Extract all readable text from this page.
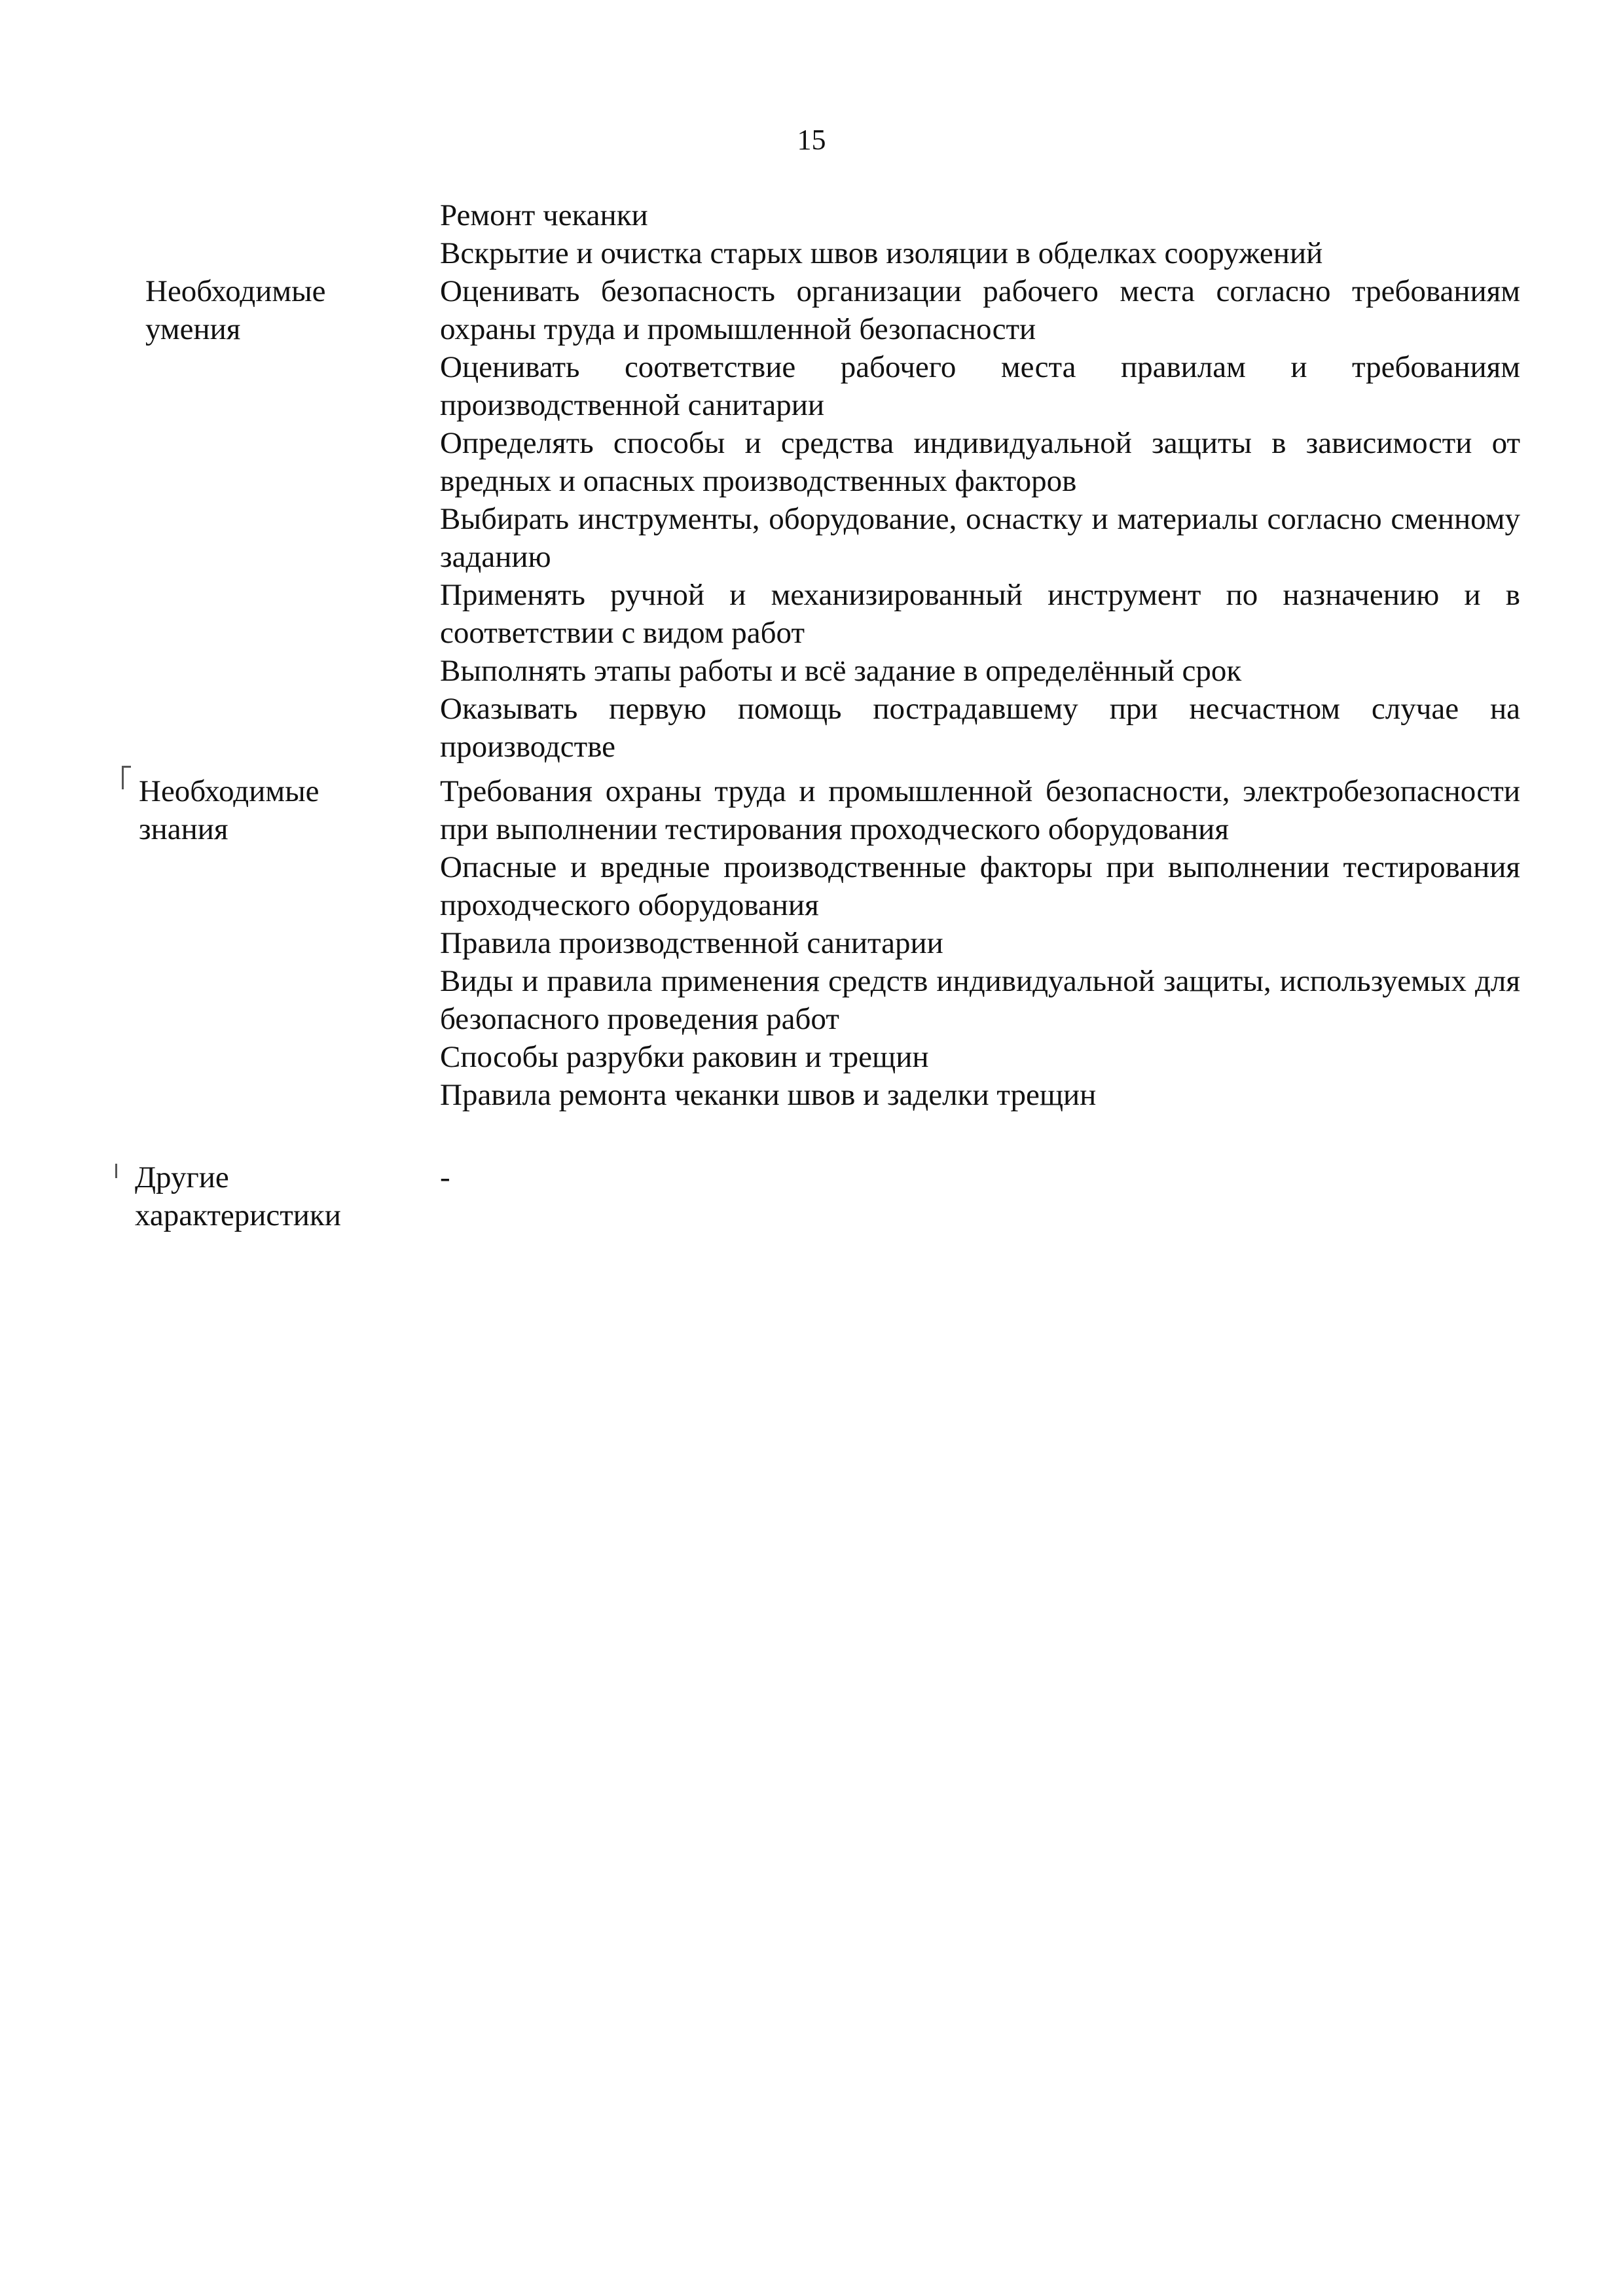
15

Ремонт чеканки

Вскрытие и очистка старых швов изоляции в обделках сооружений

Необходимые
умения

Оценивать безопасность организации рабочего места согласно требованиям охраны труда и промышленной безопасности

Оценивать соответствие рабочего места правилам и требованиям производственной санитарии

Определять способы и средства индивидуальной защиты в зависимости от вредных и опасных производственных факторов

Выбирать инструменты, оборудование, оснастку и материалы согласно сменному заданию

Применять ручной и механизированный инструмент по назначению и в соответствии с видом работ

Выполнять этапы работы и всё задание в определённый срок

Оказывать первую помощь пострадавшему при несчастном случае на производстве

Необходимые
знания

Требования охраны труда и промышленной безопасности, электробезопасности при выполнении тестирования проходческого оборудования

Опасные и вредные производственные факторы при выполнении тестирования проходческого оборудования

Правила производственной санитарии

Виды и правила применения средств индивидуальной защиты, используемых для безопасного проведения работ

Способы разрубки раковин и трещин

Правила ремонта чеканки швов и заделки трещин

Другие
характеристики
-
